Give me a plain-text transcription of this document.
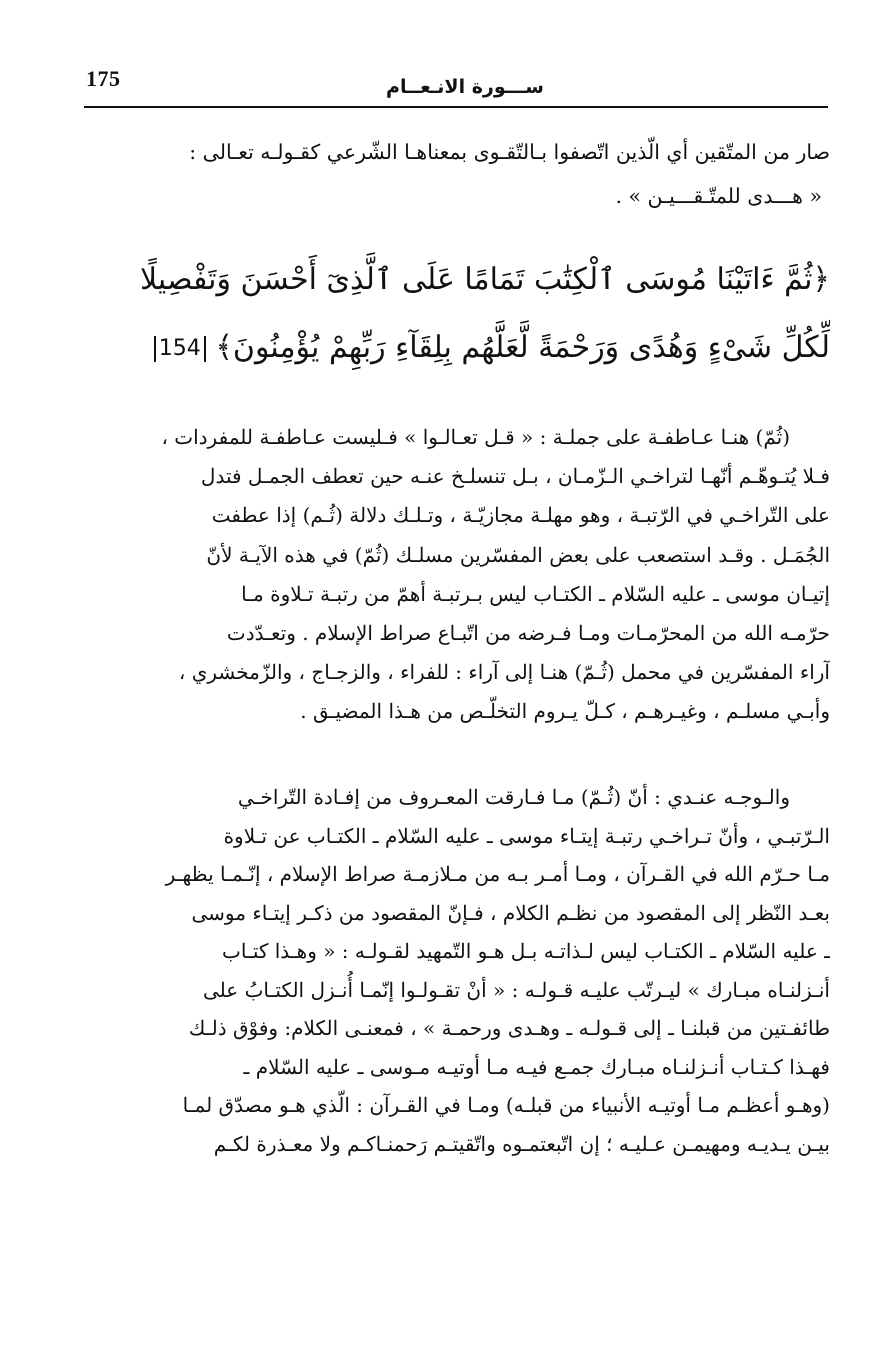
175	ســـورة الانـعــام
صار من المتّقين أي الّذين اتّصفوا بـالتّقـوى بمعناهـا الشّرعي كقـولـه تعـالى :
« هـــدى للمتّـقـــيـن » .
﴿ثُمَّ ءَاتَيْنَا مُوسَى ٱلْكِتَٰبَ تَمَامًا عَلَى ٱلَّذِىٓ أَحْسَنَ وَتَفْصِيلًا
لِّكُلِّ شَىْءٍ وَهُدًى وَرَحْمَةً لَّعَلَّهُم بِلِقَآءِ رَبِّهِمْ يُؤْمِنُونَ﴾ 154
(ثُمّ) هنـا عـاطفـة على جملـة : « قـل تعـالـوا » فـليست عـاطفـة للمفردات ،
فـلا يُتـوهّـم أنّهـا لتراخـي الـزّمـان ، بـل تنسلـخ عنـه حين تعطف الجمـل فتدل
على التّراخـي في الرّتبـة ، وهو مهلـة مجازيّـة ، وتـلـك دلالة (ثُـم) إذا عطفت
الجُمَـل . وقـد استصعب على بعض المفسّرين مسلـك (ثُمّ) في هذه الآيـة لأنّ
إتيـان موسى ـ عليه السّلام ـ الكتـاب ليس بـرتبـة أهمّ من رتبـة تـلاوة مـا
حرّمـه الله من المحرّمـات ومـا فـرضه من اتّبـاع صراط الإسلام . وتعـدّدت
آراء المفسّرين في محمل (ثُـمّ) هنـا إلى آراء : للفراء ، والزجـاج ، والزّمخشري ،
وأبـي مسلـم ، وغيـرهـم ، كـلّ يـروم التخلّـص من هـذا المضيـق .
والـوجـه عنـدي : أنّ (ثُـمّ) مـا فـارقت المعـروف من إفـادة التّراخـي
الـرّتبـي ، وأنّ تـراخـي رتبـة إيتـاء موسى ـ عليه السّلام ـ الكتـاب عن تـلاوة
مـا حـرّم الله في القـرآن ، ومـا أمـر بـه من مـلازمـة صراط الإسلام ، إنّـمـا يظهـر
بعـد النّظر إلى المقصود من نظـم الكلام ، فـإنّ المقصود من ذكـر إيتـاء موسى
ـ عليه السّلام ـ الكتـاب ليس لـذاتـه بـل هـو التّمهيد لقـولـه : « وهـذا كتـاب
أنـزلنـاه مبـارك » ليـرتّب عليـه قـولـه : « أنْ تقـولـوا إنّمـا أُنـزل الكتـابُ على
طائفـتين من قبلنـا ـ إلى قـولـه ـ وهـدى ورحمـة » ، فمعنـى الكلام: وفوْق ذلـك
فهـذا كـتـاب أنـزلنـاه مبـارك جمـع فيـه مـا أوتيـه مـوسى ـ عليه السّلام ـ
(وهـو أعظـم مـا أوتيـه الأنبياء من قبلـه) ومـا في القـرآن : الّذي هـو مصدّق لمـا
بيـن يـديـه ومهيمـن عـليـه ؛ إن اتّبعتمـوه واتّقيتـم رَحمنـاكـم ولا معـذرة لكـم
